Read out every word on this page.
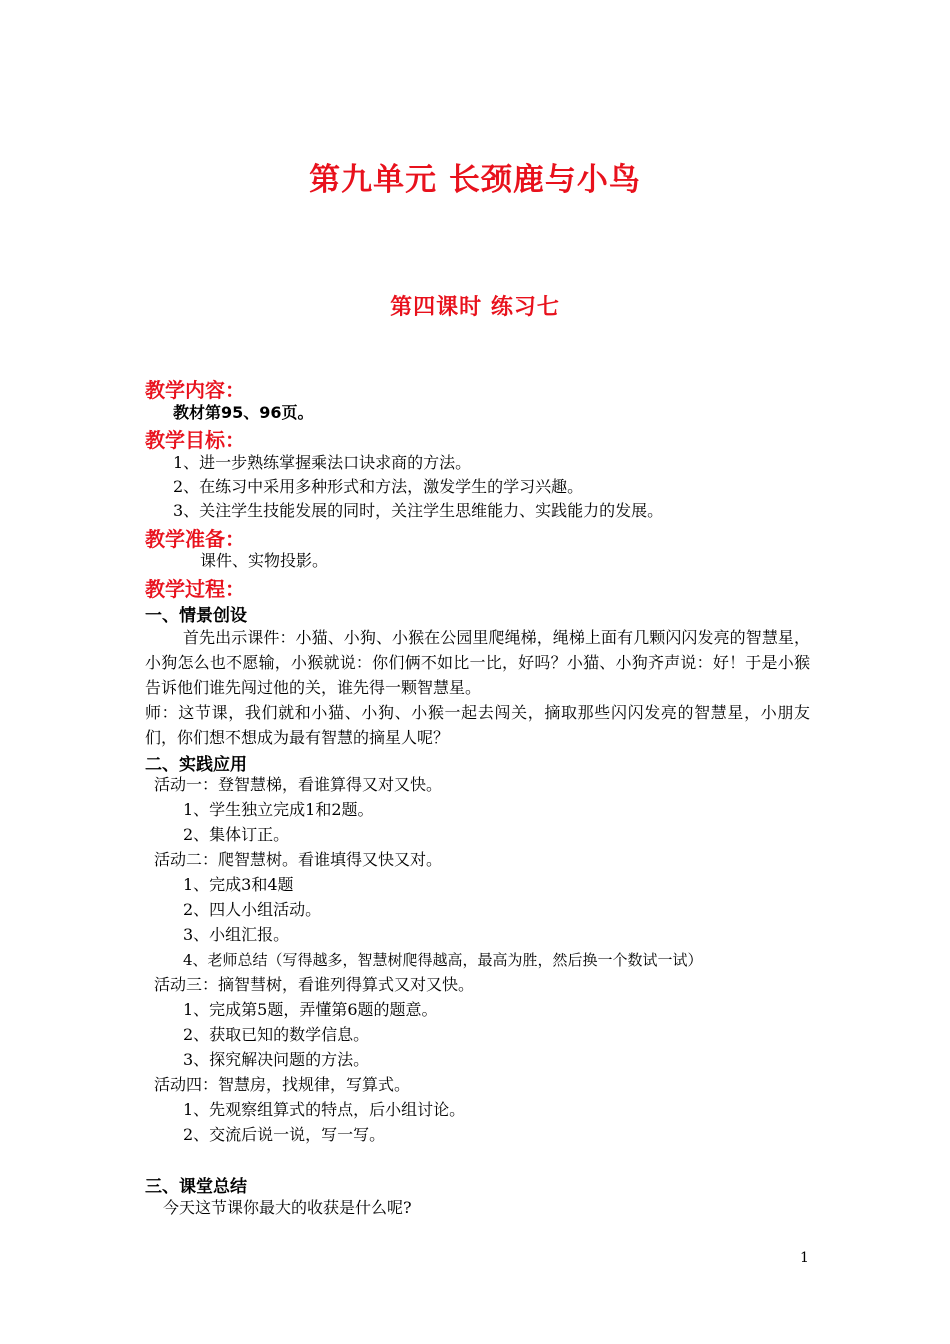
第九单元 长颈鹿与小鸟
第四课时 练习七
教学内容：
教材第95、96页。
教学目标：
1、进一步熟练掌握乘法口诀求商的方法。
2、在练习中采用多种形式和方法，激发学生的学习兴趣。
3、关注学生技能发展的同时，关注学生思维能力、实践能力的发展。
教学准备：
课件、实物投影。
教学过程：
一、情景创设
首先出示课件：小猫、小狗、小猴在公园里爬绳梯，绳梯上面有几颗闪闪发亮的智慧星，小狗怎么也不愿输，小猴就说：你们俩不如比一比，好吗？小猫、小狗齐声说：好！于是小猴告诉他们谁先闯过他的关，谁先得一颗智慧星。
师：这节课，我们就和小猫、小狗、小猴一起去闯关，摘取那些闪闪发亮的智慧星，小朋友们，你们想不想成为最有智慧的摘星人呢？
二、实践应用
活动一：登智慧梯，看谁算得又对又快。
1、学生独立完成1和2题。
2、集体订正。
活动二：爬智慧树。看谁填得又快又对。
1、完成3和4题
2、四人小组活动。
3、小组汇报。
4、老师总结（写得越多，智慧树爬得越高，最高为胜，然后换一个数试一试）
活动三：摘智彗树，看谁列得算式又对又快。
1、完成第5题，弄懂第6题的题意。
2、获取已知的数学信息。
3、探究解决问题的方法。
活动四：智慧房，找规律，写算式。
1、先观察组算式的特点，后小组讨论。
2、交流后说一说，写一写。
三、课堂总结
今天这节课你最大的收获是什么呢?
1
